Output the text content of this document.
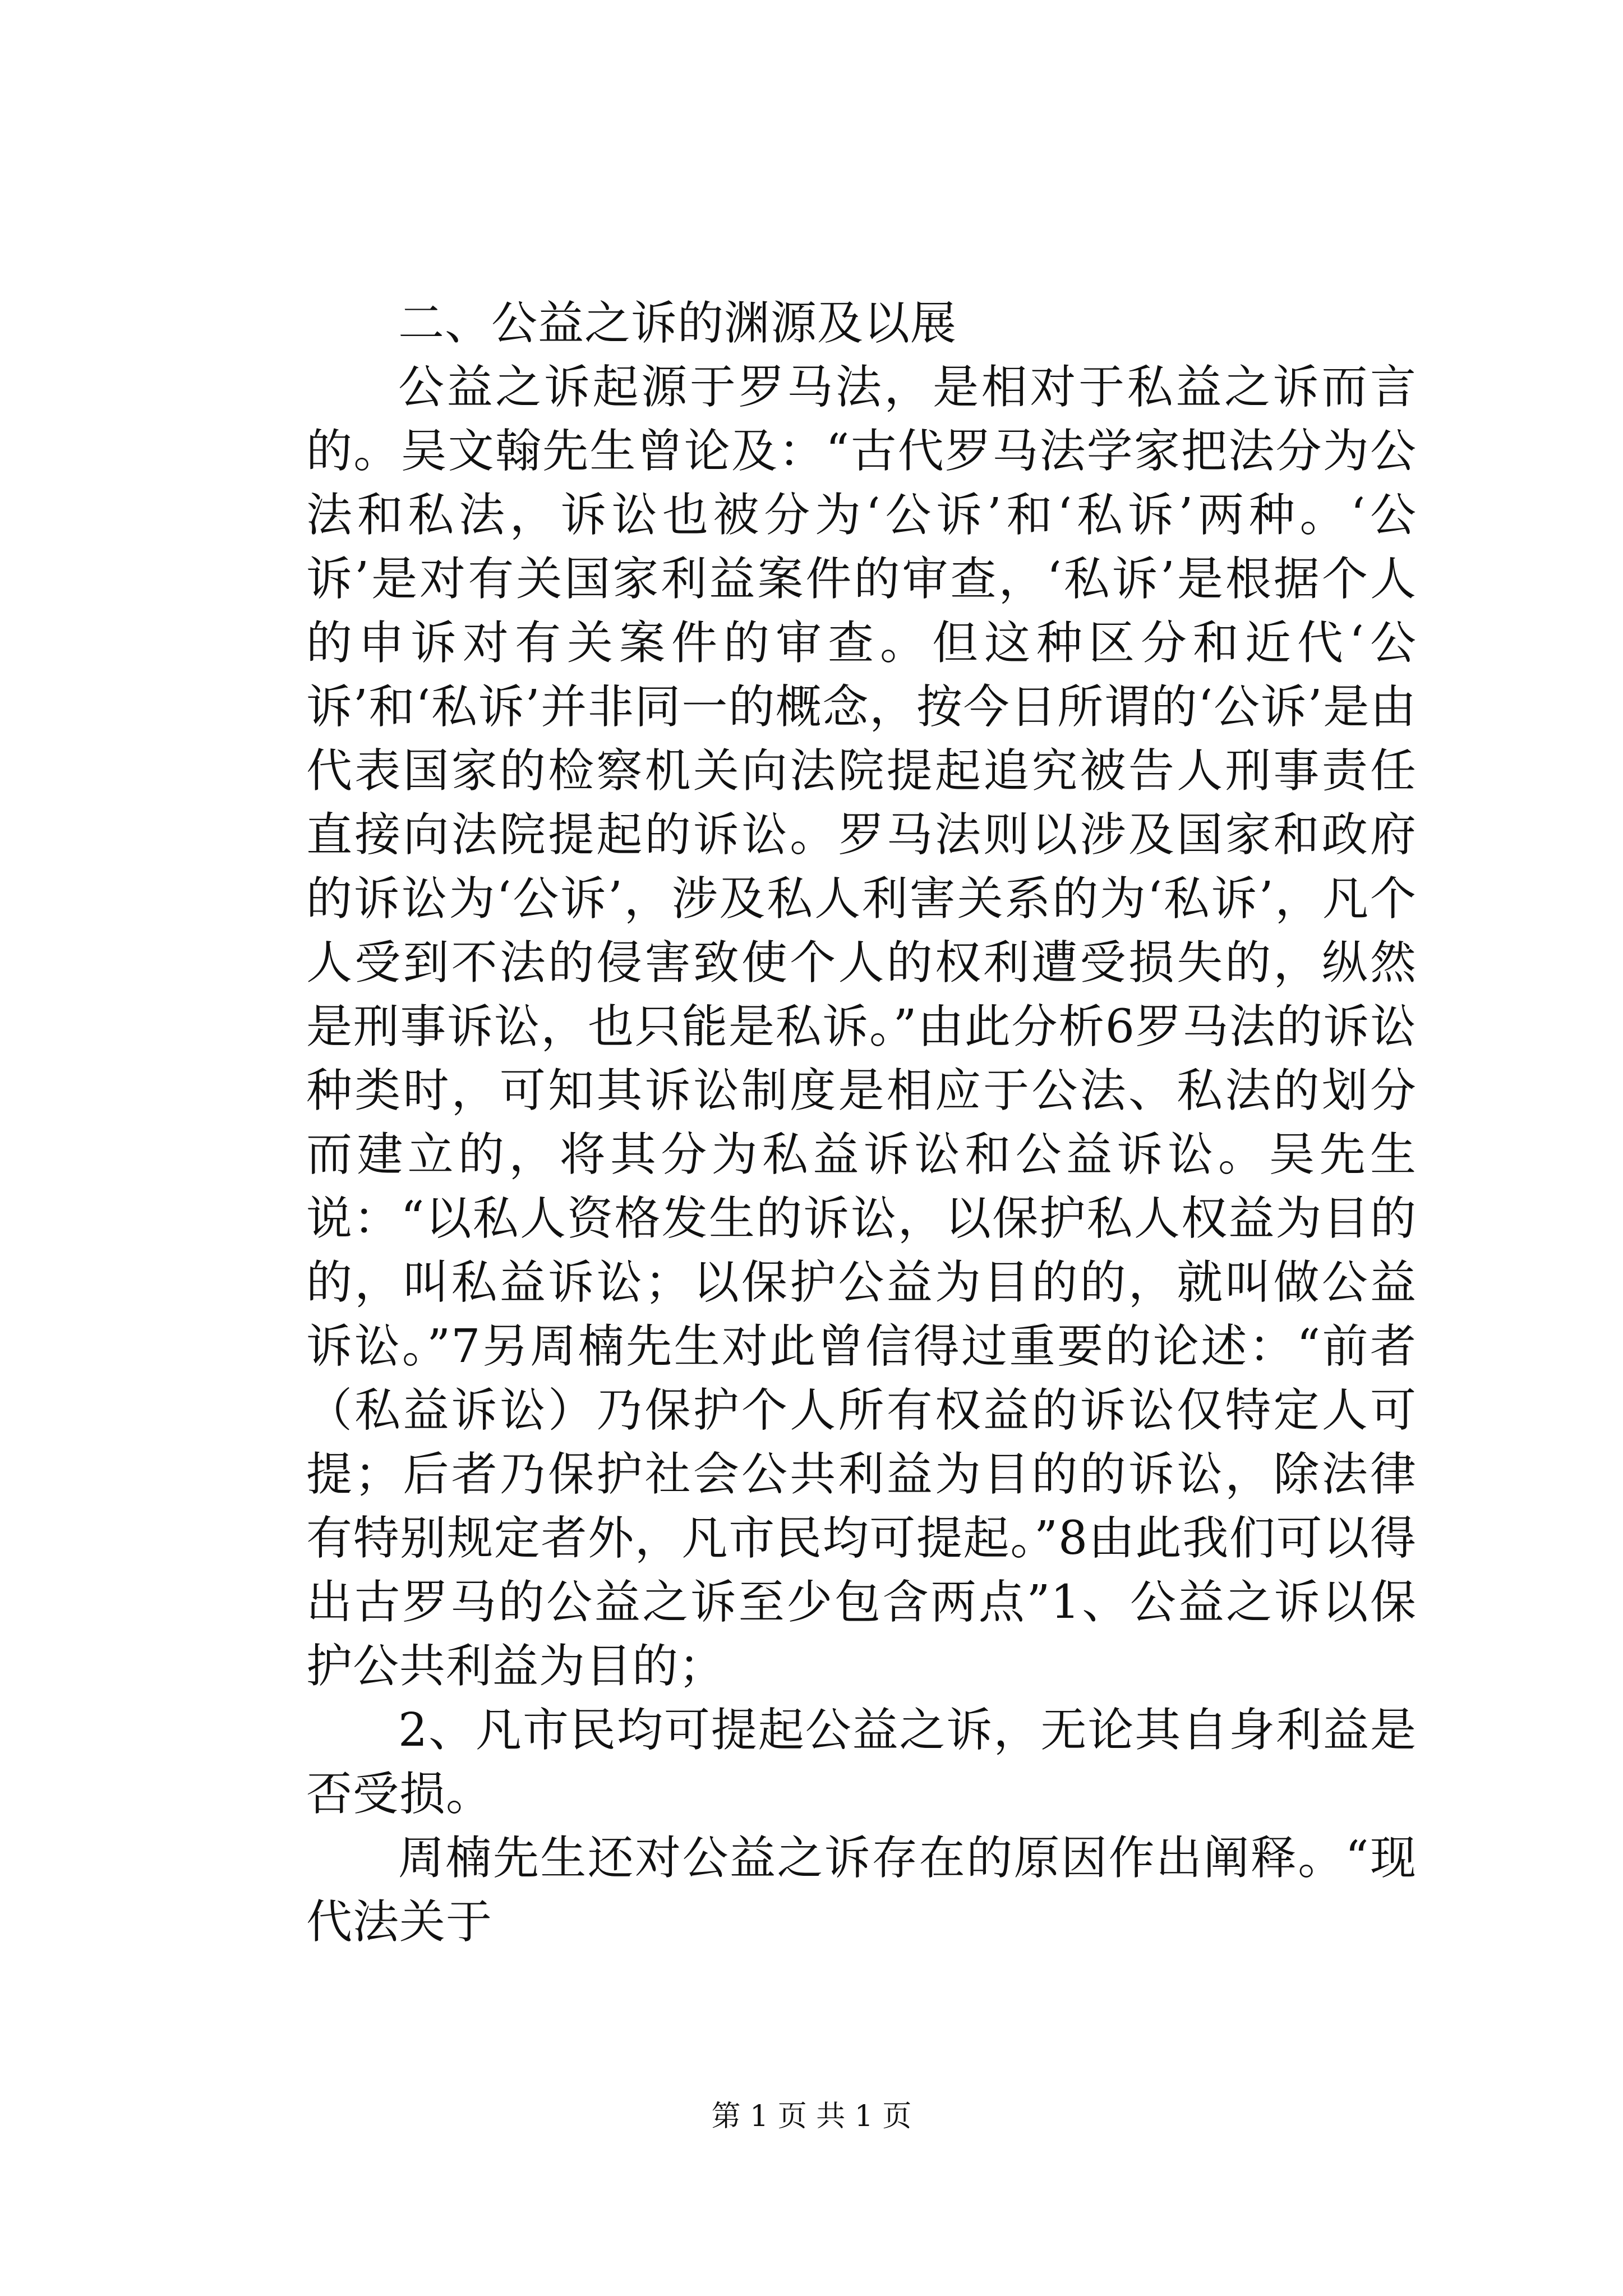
二、公益之诉的渊源及以展

公益之诉起源于罗马法，是相对于私益之诉而言的。吴文翰先生曾论及：“古代罗马法学家把法分为公法和私法，诉讼也被分为‘公诉’和‘私诉’两种。‘公诉’是对有关国家利益案件的审查，‘私诉’是根据个人的申诉对有关案件的审查。但这种区分和近代‘公诉’和‘私诉’并非同一的概念，按今日所谓的‘公诉’是由代表国家的检察机关向法院提起追究被告人刑事责任直接向法院提起的诉讼。罗马法则以涉及国家和政府的诉讼为‘公诉’，涉及私人利害关系的为‘私诉’，凡个人受到不法的侵害致使个人的权利遭受损失的，纵然是刑事诉讼，也只能是私诉。”由此分析6罗马法的诉讼种类时，可知其诉讼制度是相应于公法、私法的划分而建立的，将其分为私益诉讼和公益诉讼。吴先生说：“以私人资格发生的诉讼，以保护私人权益为目的的，叫私益诉讼；以保护公益为目的的，就叫做公益诉讼。”7另周楠先生对此曾信得过重要的论述：“前者（私益诉讼）乃保护个人所有权益的诉讼仅特定人可提；后者乃保护社会公共利益为目的的诉讼，除法律有特别规定者外，凡市民均可提起。”8由此我们可以得出古罗马的公益之诉至少包含两点”1、公益之诉以保护公共利益为目的；

2、凡市民均可提起公益之诉，无论其自身利益是否受损。

周楠先生还对公益之诉存在的原因作出阐释。“现代法关于

第 1 页 共 1 页
